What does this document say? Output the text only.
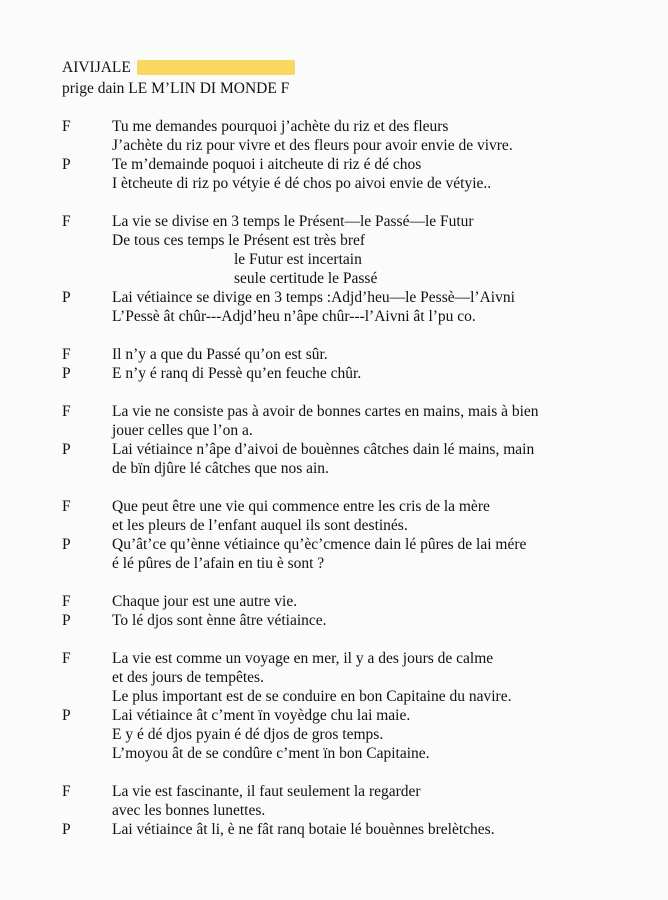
AIVIJALE
prige dain LE M’LIN DI MONDE F
F	Tu me demandes pourquoi j’achète du riz et des fleurs
J’achète du riz pour vivre et des fleurs pour avoir envie de vivre.
P	Te m’demainde poquoi i aitcheute di riz é dé chos
I ètcheute di riz po vétyie é dé chos po aivoi envie de vétyie..
F	La vie se divise en 3 temps le Présent—le Passé—le Futur
De tous ces temps le Présent est très bref
le Futur est incertain
seule certitude le Passé
P	Lai vétiaince se divige en 3 temps :Adjd’heu—le Pessè—l’Aivni
L’Pessè ât chûr---Adjd’heu n’âpe chûr---l’Aivni ât l’pu co.
F	Il n’y a que du Passé qu’on est sûr.
P	E n’y é ranq di Pessè qu’en feuche chûr.
F	La vie ne consiste pas à avoir de bonnes cartes en mains, mais à bien
jouer celles que l’on a.
P	Lai vétiaince n’âpe d’aivoi de bouènnes câtches dain lé mains, main
de bïn djûre lé câtches que nos ain.
F	Que peut être une vie qui commence entre les cris de la mère
et les pleurs de l’enfant auquel ils sont destinés.
P	Qu’ât’ce qu’ènne vétiaince qu’èc’cmence dain lé pûres de lai mére
é lé pûres de l’afain en tiu è sont ?
F	Chaque jour est une autre vie.
P	To lé djos sont ènne âtre vétiaince.
F	La vie est comme un voyage en mer, il y a des jours de calme
et des jours de tempêtes.
Le plus important est de se conduire en bon Capitaine du navire.
P	Lai vétiaince ât c’ment ïn voyèdge chu lai maie.
E y é dé djos pyain é dé djos de gros temps.
L’moyou ât de se condûre c’ment ïn bon Capitaine.
F	La vie est fascinante, il faut seulement la regarder
avec les bonnes lunettes.
P	Lai vétiaince ât li, è ne fât ranq botaie lé bouènnes brelètches.
